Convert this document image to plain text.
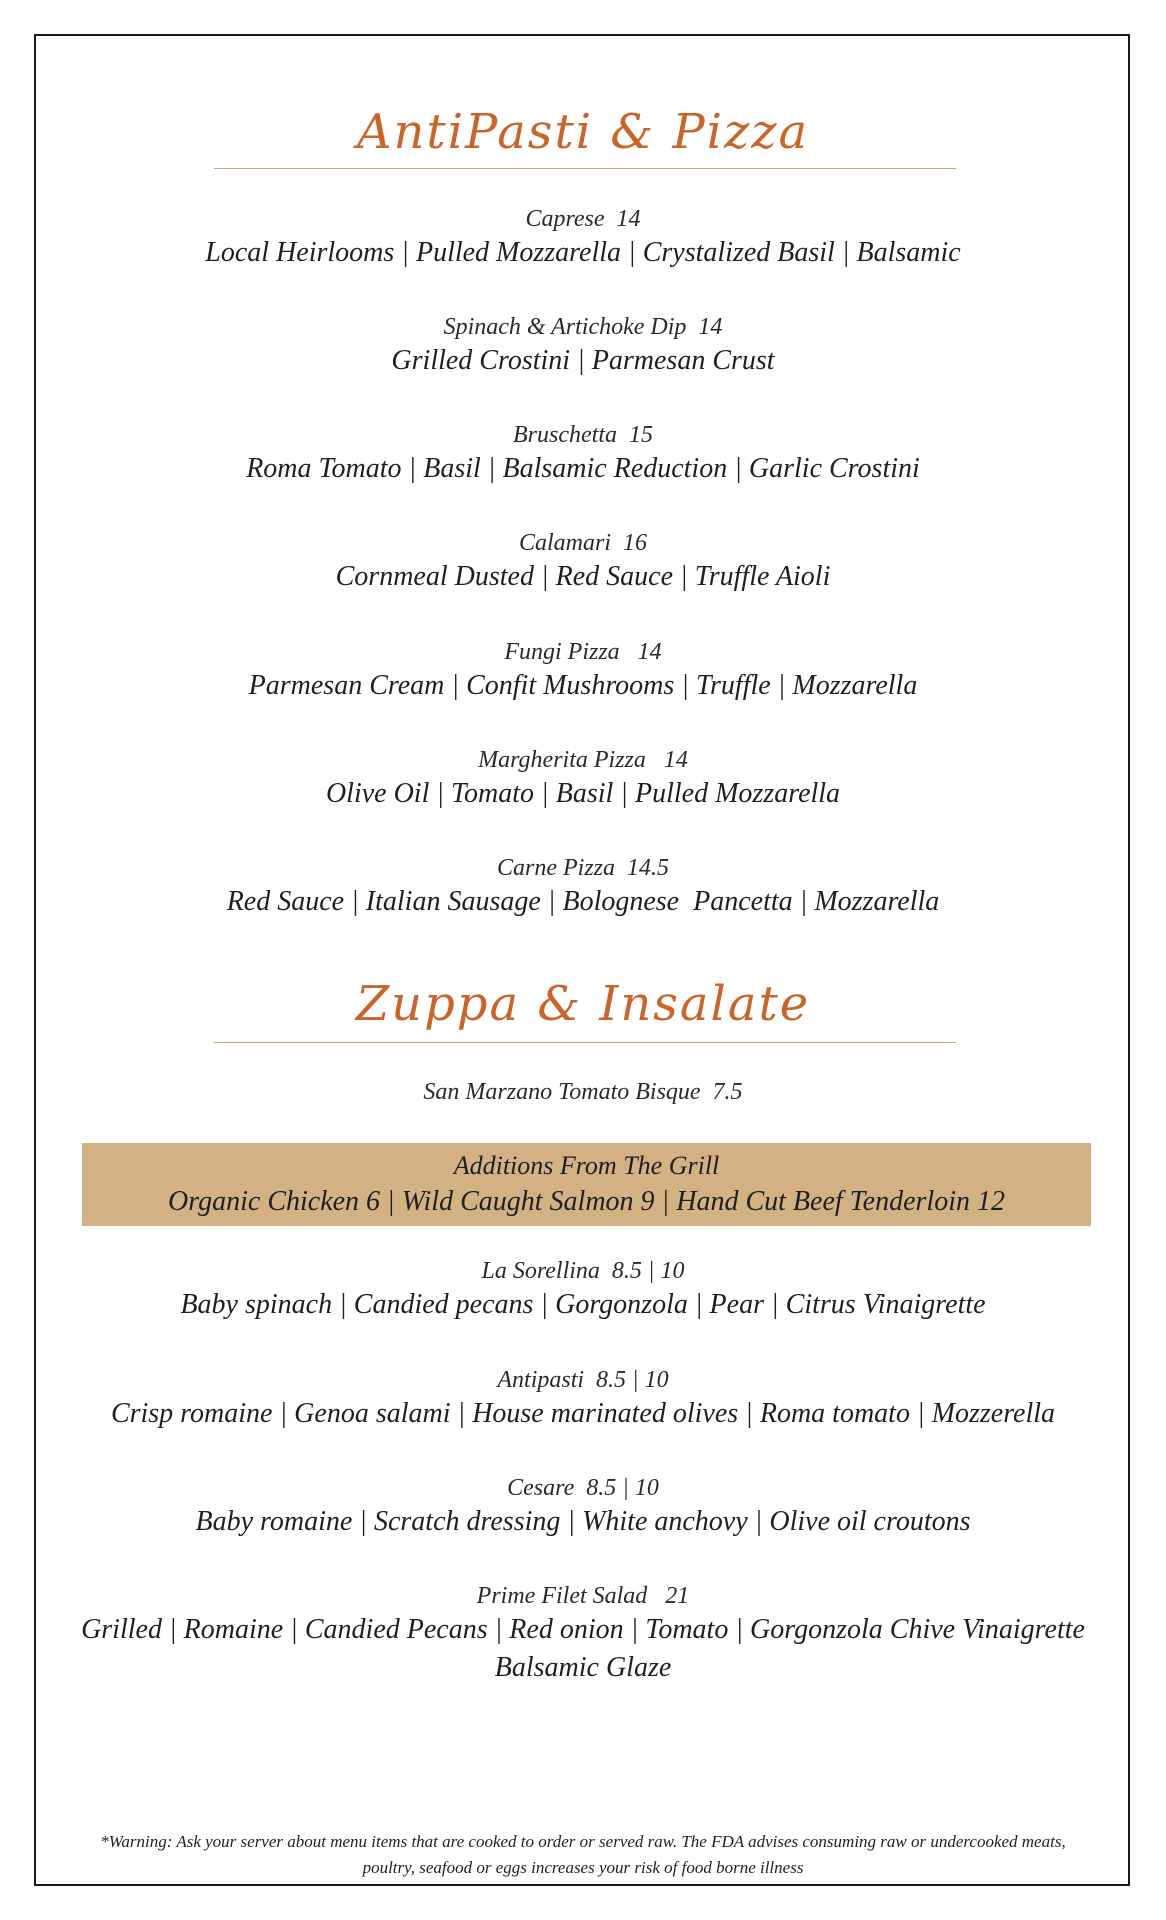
AntiPasti & Pizza
Caprese  14
Local Heirlooms | Pulled Mozzarella | Crystalized Basil | Balsamic
Spinach & Artichoke Dip  14
Grilled Crostini | Parmesan Crust
Bruschetta  15
Roma Tomato | Basil | Balsamic Reduction | Garlic Crostini
Calamari  16
Cornmeal Dusted | Red Sauce | Truffle Aioli
Fungi Pizza   14
Parmesan Cream | Confit Mushrooms | Truffle | Mozzarella
Margherita Pizza   14
Olive Oil | Tomato | Basil | Pulled Mozzarella
Carne Pizza  14.5
Red Sauce | Italian Sausage | Bolognese  Pancetta | Mozzarella
Zuppa & Insalate
San Marzano Tomato Bisque  7.5
Additions From The Grill
Organic Chicken 6 | Wild Caught Salmon 9 | Hand Cut Beef Tenderloin 12
La Sorellina  8.5 | 10
Baby spinach | Candied pecans | Gorgonzola | Pear | Citrus Vinaigrette
Antipasti  8.5 | 10
Crisp romaine | Genoa salami | House marinated olives | Roma tomato | Mozzerella
Cesare  8.5 | 10
Baby romaine | Scratch dressing | White anchovy | Olive oil croutons
Prime Filet Salad   21
Grilled | Romaine | Candied Pecans | Red onion | Tomato | Gorgonzola Chive Vinaigrette
Balsamic Glaze
*Warning: Ask your server about menu items that are cooked to order or served raw. The FDA advises consuming raw or undercooked meats, poultry, seafood or eggs increases your risk of food borne illness
